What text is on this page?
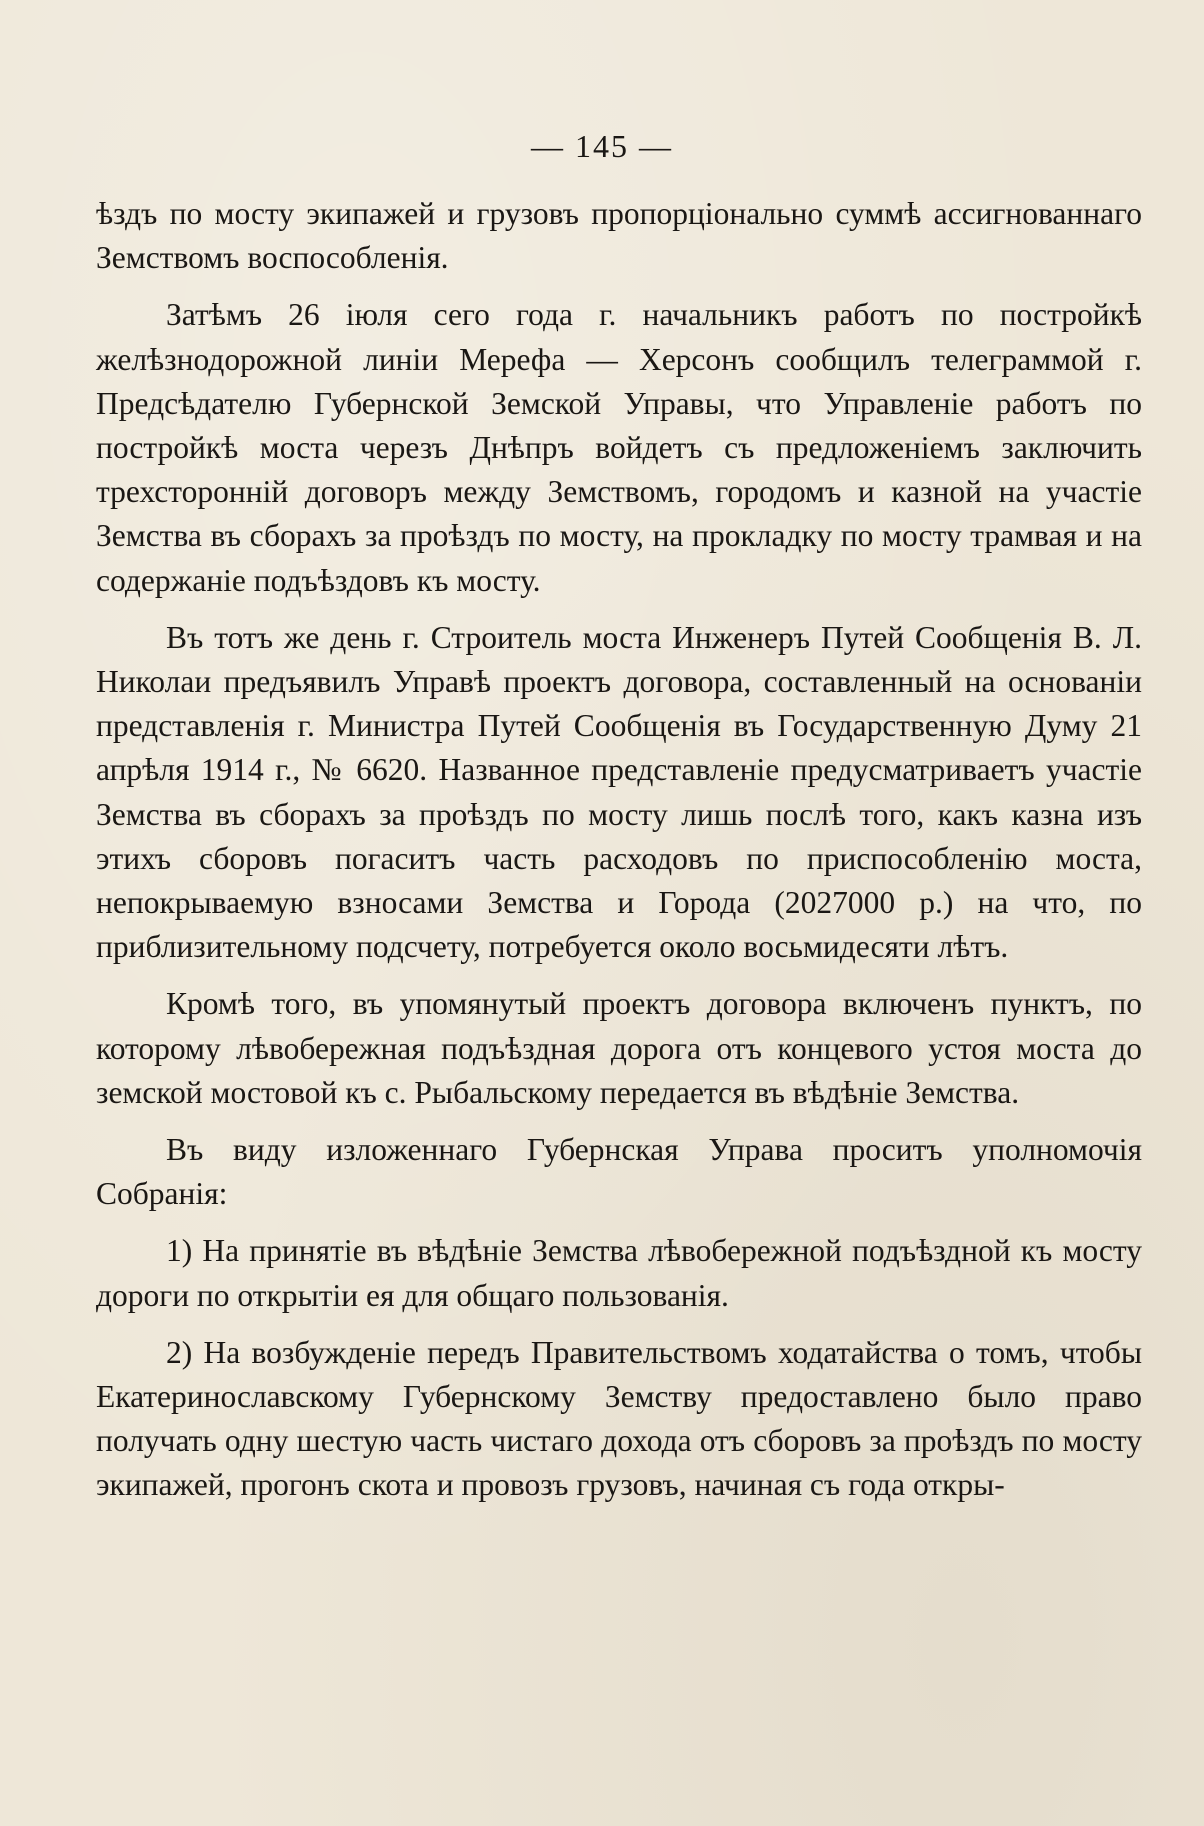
— 145 —

ѣздъ по мосту экипажей и грузовъ пропорціонально суммѣ ассигнованнаго Земствомъ воспособленія.

Затѣмъ 26 іюля сего года г. начальникъ работъ по постройкѣ желѣзнодорожной линіи Мерефа — Херсонъ сообщилъ телеграммой г. Предсѣдателю Губернской Земской Управы, что Управленіе работъ по постройкѣ моста черезъ Днѣпръ войдетъ съ предложеніемъ заключить трехсторонній договоръ между Земствомъ, городомъ и казной на участіе Земства въ сборахъ за проѣздъ по мосту, на прокладку по мосту трамвая и на содержаніе подъѣздовъ къ мосту.

Въ тотъ же день г. Строитель моста Инженеръ Путей Сообщенія В. Л. Николаи предъявилъ Управѣ проектъ договора, составленный на основаніи представленія г. Министра Путей Сообщенія въ Государственную Думу 21 апрѣля 1914 г., № 6620. Названное представленіе предусматриваетъ участіе Земства въ сборахъ за проѣздъ по мосту лишь послѣ того, какъ казна изъ этихъ сборовъ погаситъ часть расходовъ по приспособленію моста, непокрываемую взносами Земства и Города (2027000 р.) на что, по приблизительному подсчету, потребуется около восьмидесяти лѣтъ.

Кромѣ того, въ упомянутый проектъ договора включенъ пунктъ, по которому лѣвобережная подъѣздная дорога отъ концевого устоя моста до земской мостовой къ с. Рыбальскому передается въ вѣдѣніе Земства.

Въ виду изложеннаго Губернская Управа проситъ уполномочія Собранія:

1) На принятіе въ вѣдѣніе Земства лѣвобережной подъѣздной къ мосту дороги по открытіи ея для общаго пользованія.

2) На возбужденіе передъ Правительствомъ ходатайства о томъ, чтобы Екатеринославскому Губернскому Земству предоставлено было право получать одну шестую часть чистаго дохода отъ сборовъ за проѣздъ по мосту экипажей, прогонъ скота и провозъ грузовъ, начиная съ года откры-
